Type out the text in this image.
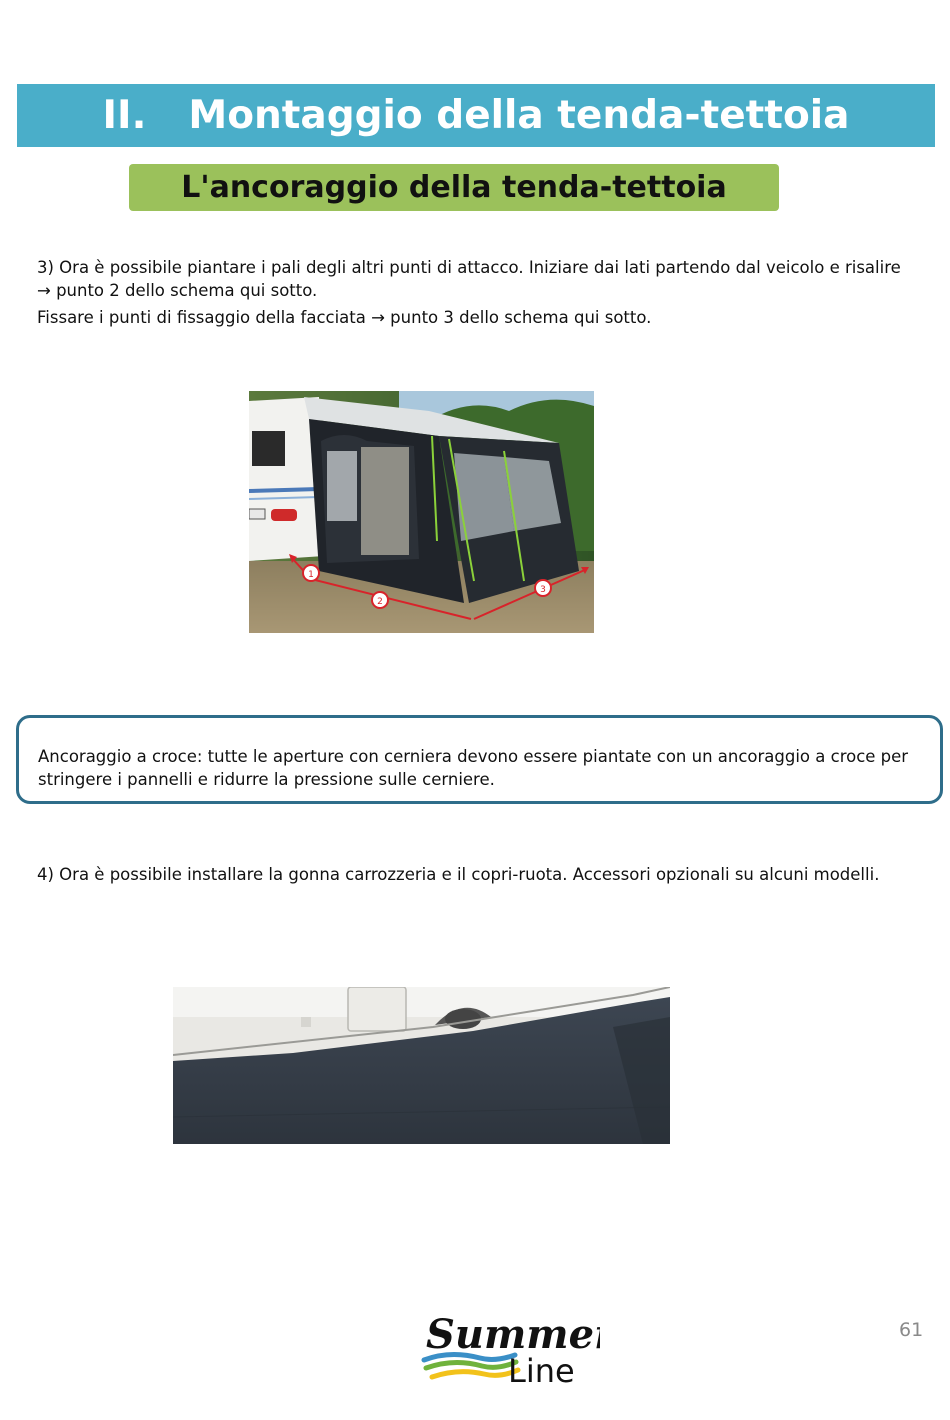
II. Montaggio della tenda-tettoia
L'ancoraggio della tenda-tettoia

3) Ora è possibile piantare i pali degli altri punti di attacco. Iniziare dai lati partendo dal veicolo e risalire → punto 2 dello schema qui sotto.

Fissare i punti di fissaggio della facciata → punto 3 dello schema qui sotto.

1
2
3
Ancoraggio a croce: tutte le aperture con cerniera devono essere piantate con un ancoraggio a croce per stringere i pannelli e ridurre la pressione sulle cerniere.

4) Ora è possibile installare la gonna carrozzeria e il copri-ruota. Accessori opzionali su alcuni modelli.

Summer
Line
61
